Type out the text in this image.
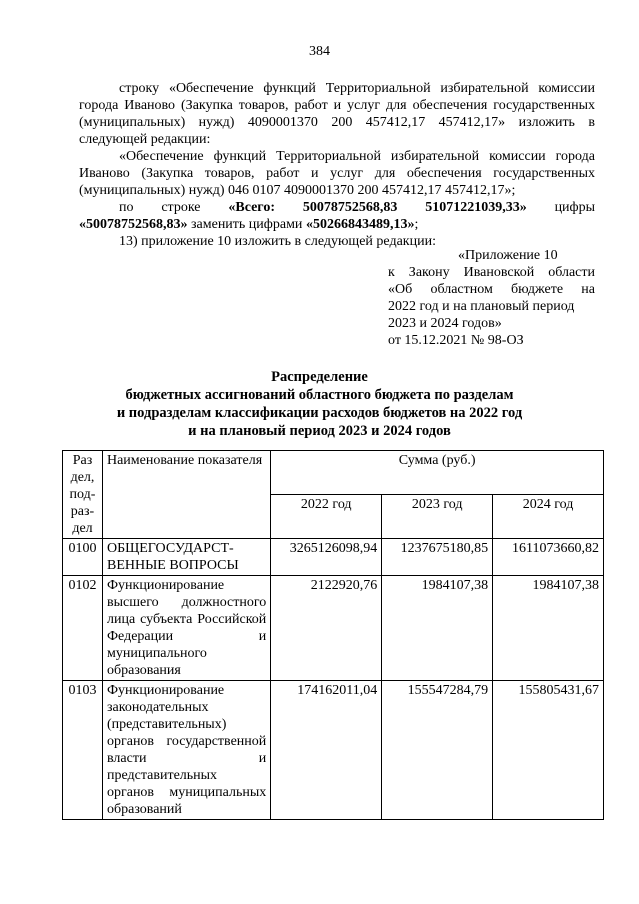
384

строку «Обеспечение функций Территориальной избирательной комиссии города Иваново (Закупка товаров, работ и услуг для обеспечения государственных (муниципальных) нужд) 4090001370 200 457412,17 457412,17» изложить в следующей редакции:

«Обеспечение функций Территориальной избирательной комиссии города Иваново (Закупка товаров, работ и услуг для обеспечения государственных (муниципальных) нужд) 046 0107 4090001370 200 457412,17 457412,17»;

по строке «Всего: 50078752568,83 51071221039,33» цифры

«50078752568,83» заменить цифрами «50266843489,13»;

13) приложение 10 изложить в следующей редакции:

«Приложение 10
к Закону Ивановской области
«Об областном бюджете на
2022 год и на плановый период
2023 и 2024 годов»
от 15.12.2021 № 98-ОЗ
Распределение
бюджетных ассигнований областного бюджета по разделам
и подразделам классификации расходов бюджетов на 2022 год
и на плановый период 2023 и 2024 годов
Раз дел, под- раз- дел	Наименование показателя	Сумма (руб.)		
		2022 год	2023 год	2024 год
0100	ОБЩЕГОСУДАРСТ-ВЕННЫЕ ВОПРОСЫ	3265126098,94	1237675180,85	1611073660,82
0102	Функционирование высшего должностного лица субъекта Российской Федерации и муниципального образования	2122920,76	1984107,38	1984107,38
0103	Функционирование законодательных (представительных) органов государственной власти и представительных органов муниципальных образований	174162011,04	155547284,79	155805431,67
